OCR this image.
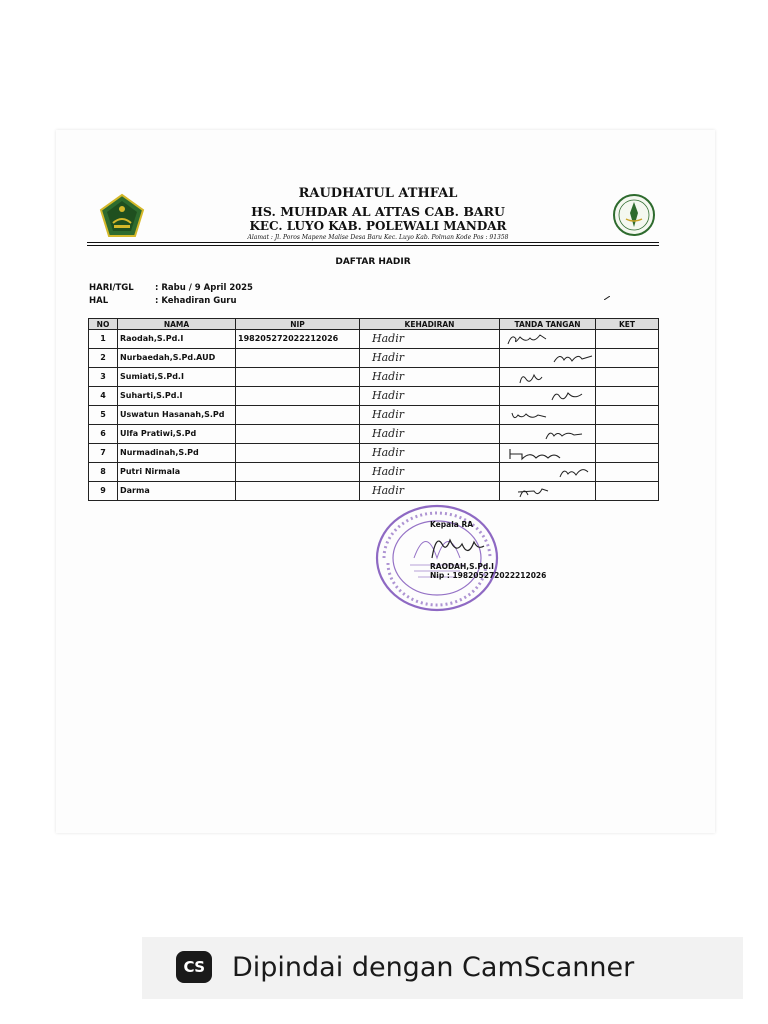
RAUDHATUL ATHFAL
HS. MUHDAR AL ATTAS CAB. BARU
KEC. LUYO KAB. POLEWALI MANDAR
Alamat : Jl. Poros Mapene Malise Desa Baru Kec. Luyo Kab. Polman Kode Pos : 91358
DAFTAR HADIR
HARI/TGL	: Rabu / 9 April 2025
HAL	: Kehadiran Guru
NO	NAMA	NIP	KEHADIRAN	TANDA TANGAN	KET
1	Raodah,S.Pd.I	198205272022212026	Hadir

2	Nurbaedah,S.Pd.AUD		Hadir

3	Sumiati,S.Pd.I		Hadir

4	Suharti,S.Pd.I		Hadir

5	Uswatun Hasanah,S.Pd		Hadir

6	Ulfa Pratiwi,S.Pd		Hadir

7	Nurmadinah,S.Pd		Hadir

8	Putri Nirmala		Hadir

9	Darma		Hadir

Kepala RA
RAODAH,S.Pd.I
Nip : 198205272022212026
CS Dipindai dengan CamScanner
